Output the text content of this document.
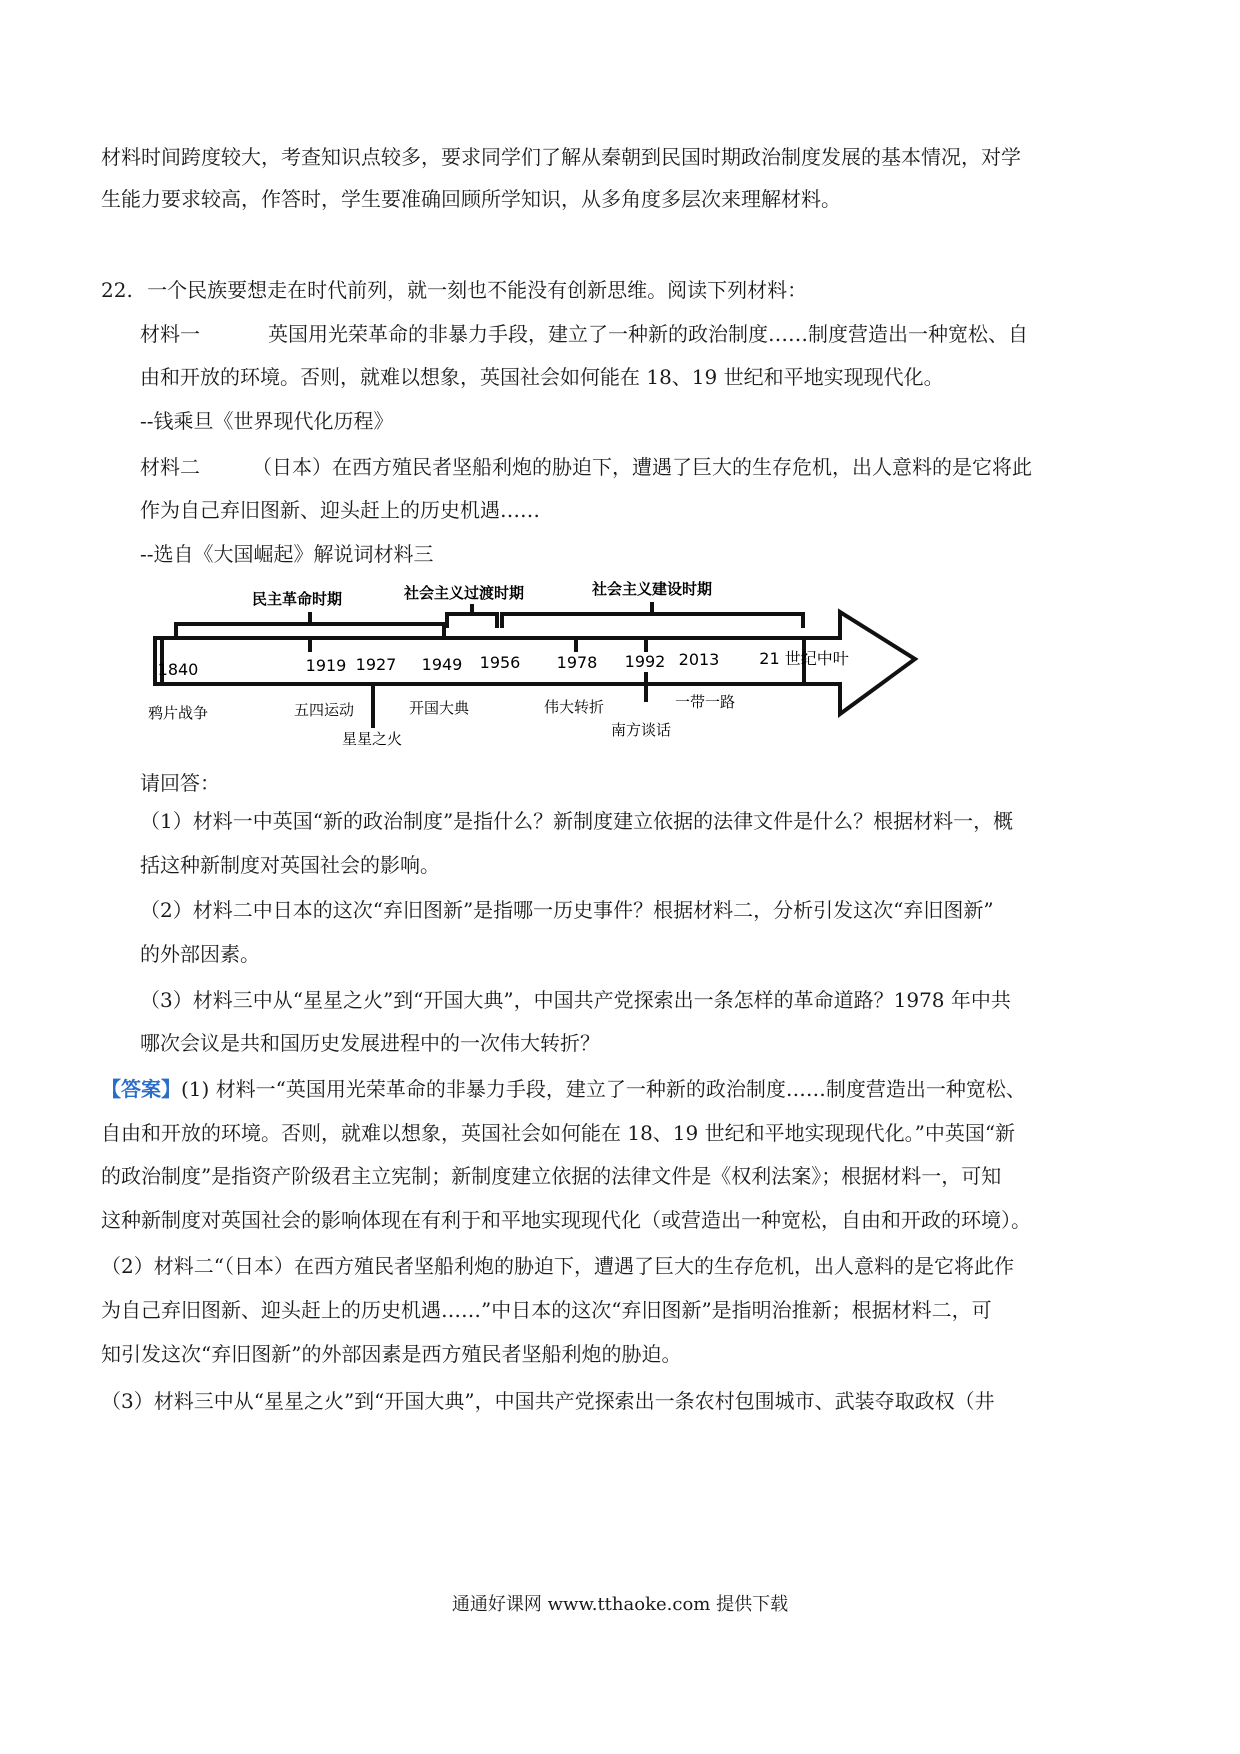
材料时间跨度较大，考查知识点较多，要求同学们了解从秦朝到民国时期政治制度发展的基本情况，对学
生能力要求较高，作答时，学生要准确回顾所学知识，从多角度多层次来理解材料。
22. 一个民族要想走在时代前列，就一刻也不能没有创新思维。阅读下列材料：
材料一	英国用光荣革命的非暴力手段，建立了一种新的政治制度……制度营造出一种宽松、自
由和开放的环境。否则，就难以想象，英国社会如何能在 18、19 世纪和平地实现现代化。
--钱乘旦《世界现代化历程》
材料二	（日本）在西方殖民者坚船利炮的胁迫下，遭遇了巨大的生存危机，出人意料的是它将此
作为自己弃旧图新、迎头赶上的历史机遇……
--选自《大国崛起》解说词材料三
民主革命时期	社会主义过渡时期	社会主义建设时期
1840	1919 1927 1949 1956 1978 1992 2013 21 世纪中叶
鸦片战争	五四运动
星星之火
开国大典	伟大转折
南方谈话
一带一路
请回答：
（1）材料一中英国“新的政治制度”是指什么？新制度建立依据的法律文件是什么？根据材料一，概
括这种新制度对英国社会的影响。
（2）材料二中日本的这次“弃旧图新”是指哪一历史事件？根据材料二，分析引发这次“弃旧图新”
的外部因素。
（3）材料三中从“星星之火”到“开国大典”，中国共产党探索出一条怎样的革命道路？1978 年中共
哪次会议是共和国历史发展进程中的一次伟大转折？
【答案】(1) 材料一“英国用光荣革命的非暴力手段，建立了一种新的政治制度……制度营造出一种宽松、
自由和开放的环境。否则，就难以想象，英国社会如何能在 18、19 世纪和平地实现现代化。”中英国“新
的政治制度”是指资产阶级君主立宪制；新制度建立依据的法律文件是《权利法案》；根据材料一，可知
这种新制度对英国社会的影响体现在有利于和平地实现现代化（或营造出一种宽松，自由和开政的环境）。
（2）材料二“（日本）在西方殖民者坚船利炮的胁迫下，遭遇了巨大的生存危机，出人意料的是它将此作
为自己弃旧图新、迎头赶上的历史机遇……”中日本的这次“弃旧图新”是指明治推新；根据材料二，可
知引发这次“弃旧图新”的外部因素是西方殖民者坚船利炮的胁迫。
（3）材料三中从“星星之火”到“开国大典”，中国共产党探索出一条农村包围城市、武装夺取政权（井
通通好课网 www.tthaoke.com 提供下载
